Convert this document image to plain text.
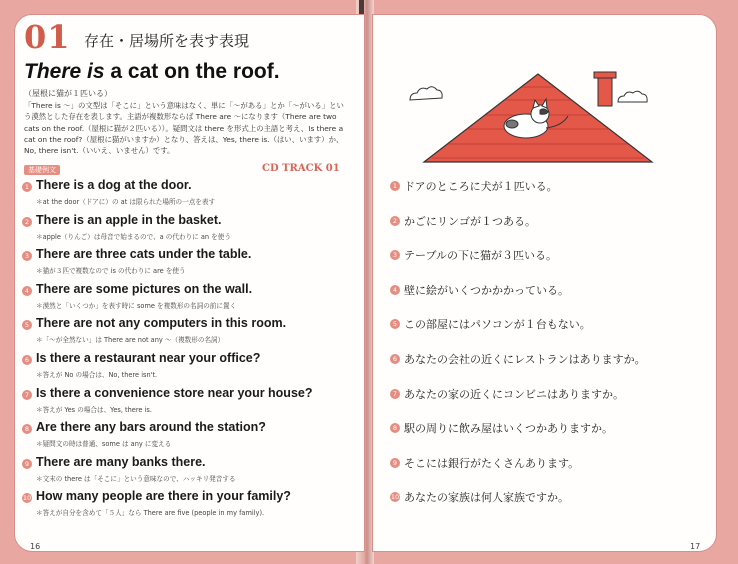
01 存在・居場所を表す表現
There is a cat on the roof.
（屋根に猫が１匹いる）
「There is ～」の文型は「そこに」という意味はなく、単に「～がある」とか「～がいる」という漠然とした存在を表します。主語が複数形ならば There are ～になります（There are two cats on the roof.（屋根に猫が２匹いる））。疑問文は there を形式上の主語と考え、Is there a cat on the roof?（屋根に猫がいますか）となり、答えは、Yes, there is.（はい、います）か、No, there isn't.（いいえ、いません）です。
基礎例文	CD TRACK 01
1 There is a dog at the door.
＊at the door（ドアに）の at は限られた場所の一点を表す
2 There is an apple in the basket.
＊apple（りんご）は母音で始まるので、a の代わりに an を使う
3 There are three cats under the table.
＊猫が３匹で複数なので is の代わりに are を使う
4 There are some pictures on the wall.
＊漠然と「いくつか」を表す時に some を複数形の名詞の前に置く
5 There are not any computers in this room.
＊「～が全然ない」は There are not any ～（複数形の名詞）
6 Is there a restaurant near your office?
＊答えが No の場合は、No, there isn't.
7 Is there a convenience store near your house?
＊答えが Yes の場合は、Yes, there is.
8 Are there any bars around the station?
＊疑問文の時は普通、some は any に変える
9 There are many banks there.
＊文末の there は「そこに」という意味なので、ハッキリ発音する
10 How many people are there in your family?
＊答えが自分を含めて「５人」なら There are five (people in my family).
16
1 ドアのところに犬が１匹いる。
2 かごにリンゴが１つある。
3 テーブルの下に猫が３匹いる。
4 壁に絵がいくつかかかっている。
5 この部屋にはパソコンが１台もない。
6 あなたの会社の近くにレストランはありますか。
7 あなたの家の近くにコンビニはありますか。
8 駅の周りに飲み屋はいくつかありますか。
9 そこには銀行がたくさんあります。
10 あなたの家族は何人家族ですか。
17
